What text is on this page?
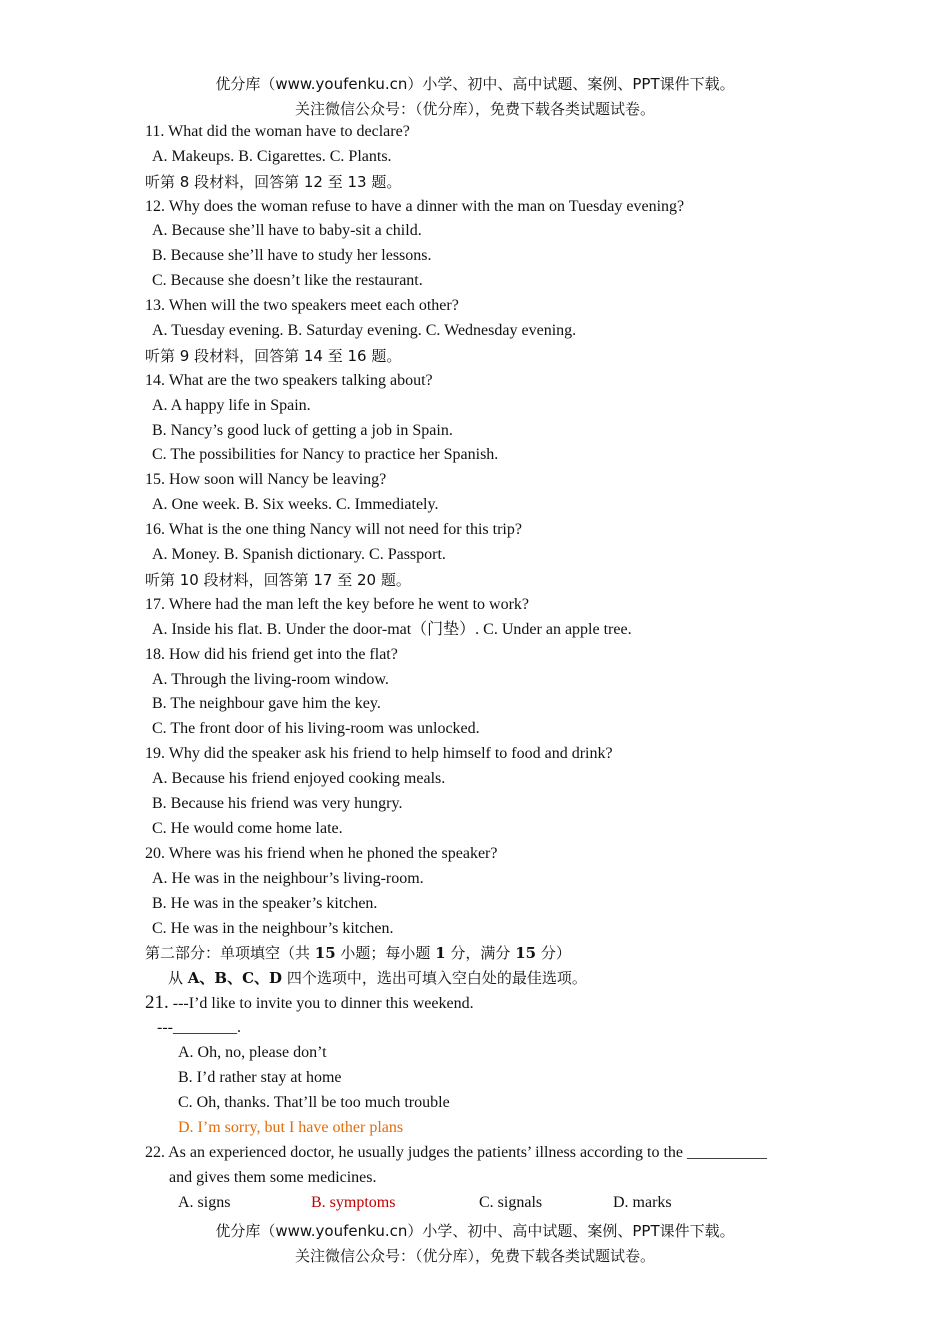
优分库（www.youfenku.cn）小学、初中、高中试题、案例、PPT课件下载。
关注微信公众号：（优分库），免费下载各类试题试卷。
11. What did the woman have to declare?
A. Makeups. B. Cigarettes. C. Plants.
听第 8 段材料，回答第 12 至 13 题。
12. Why does the woman refuse to have a dinner with the man on Tuesday evening?
A. Because she’ll have to baby-sit a child.
B. Because she’ll have to study her lessons.
C. Because she doesn’t like the restaurant.
13. When will the two speakers meet each other?
A. Tuesday evening. B. Saturday evening. C. Wednesday evening.
听第 9 段材料，回答第 14 至 16 题。
14. What are the two speakers talking about?
A. A happy life in Spain.
B. Nancy’s good luck of getting a job in Spain.
C. The possibilities for Nancy to practice her Spanish.
15. How soon will Nancy be leaving?
A. One week. B. Six weeks. C. Immediately.
16. What is the one thing Nancy will not need for this trip?
A. Money. B. Spanish dictionary. C. Passport.
听第 10 段材料，回答第 17 至 20 题。
17. Where had the man left the key before he went to work?
A. Inside his flat. B. Under the door-mat（门垫）. C. Under an apple tree.
18. How did his friend get into the flat?
A. Through the living-room window.
B. The neighbour gave him the key.
C. The front door of his living-room was unlocked.
19. Why did the speaker ask his friend to help himself to food and drink?
A. Because his friend enjoyed cooking meals.
B. Because his friend was very hungry.
C. He would come home late.
20. Where was his friend when he phoned the speaker?
A. He was in the neighbour’s living-room.
B. He was in the speaker’s kitchen.
C. He was in the neighbour’s kitchen.
第二部分：单项填空（共 15 小题；每小题 1 分，满分 15 分）
从 A、B、C、D 四个选项中，选出可填入空白处的最佳选项。
21. ---I’d like to invite you to dinner this weekend.
---________.
A. Oh, no, please don’t
B. I’d rather stay at home
C. Oh, thanks. That’ll be too much trouble
D. I’m sorry, but I have other plans
22. As an experienced doctor, he usually judges the patients’ illness according to the __________
and gives them some medicines.
A. signs	B. symptoms	C. signals	D. marks
优分库（www.youfenku.cn）小学、初中、高中试题、案例、PPT课件下载。
关注微信公众号：（优分库），免费下载各类试题试卷。
